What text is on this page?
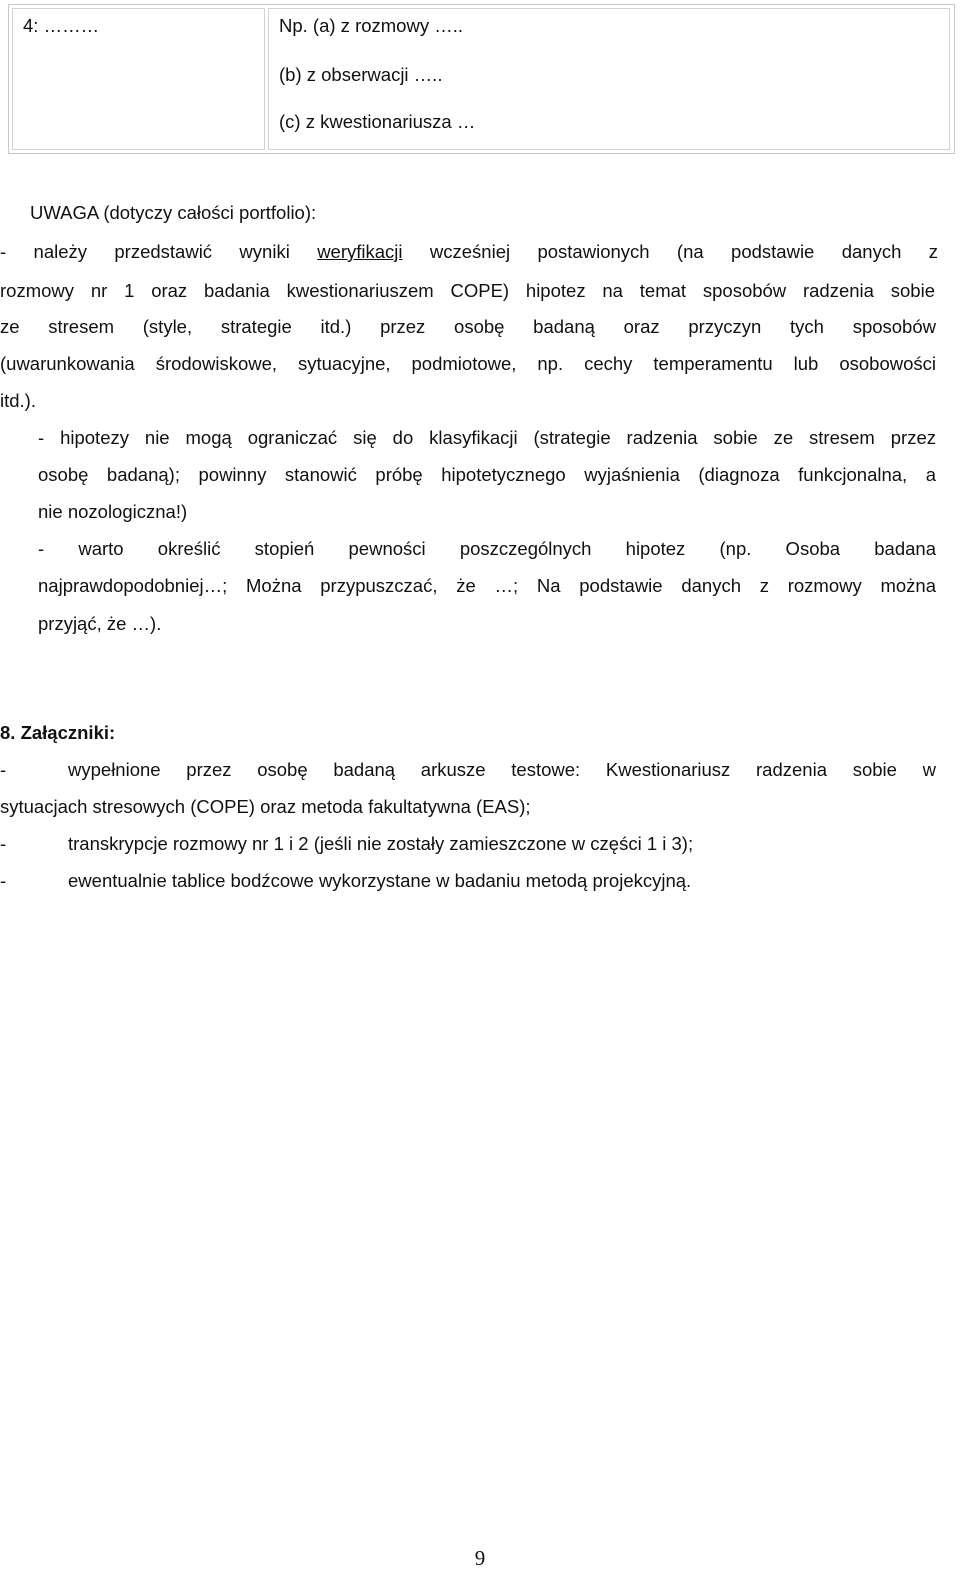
4: ………	Np. (a) z rozmowy …..
(b) z obserwacji …..
(c) z kwestionariusza …
UWAGA (dotyczy całości portfolio):
- należy przedstawić wyniki weryfikacji wcześniej postawionych (na podstawie danych z
rozmowy nr 1 oraz badania kwestionariuszem COPE) hipotez na temat sposobów radzenia sobie
ze stresem (style, strategie itd.) przez osobę badaną oraz przyczyn tych sposobów
(uwarunkowania środowiskowe, sytuacyjne, podmiotowe, np. cechy temperamentu lub osobowości
itd.).
- hipotezy nie mogą ograniczać się do klasyfikacji (strategie radzenia sobie ze stresem przez
osobę badaną); powinny stanowić próbę hipotetycznego wyjaśnienia (diagnoza funkcjonalna, a
nie nozologiczna!)
- warto określić stopień pewności poszczególnych hipotez (np. Osoba badana
najprawdopodobniej…; Można przypuszczać, że …; Na podstawie danych z rozmowy można
przyjąć, że …).
8. Załączniki:
-	wypełnione przez osobę badaną arkusze testowe: Kwestionariusz radzenia sobie w
sytuacjach stresowych (COPE) oraz metoda fakultatywna (EAS);
-	transkrypcje rozmowy nr 1 i 2 (jeśli nie zostały zamieszczone w części 1 i 3);
-	ewentualnie tablice bodźcowe wykorzystane w badaniu metodą projekcyjną.
9
